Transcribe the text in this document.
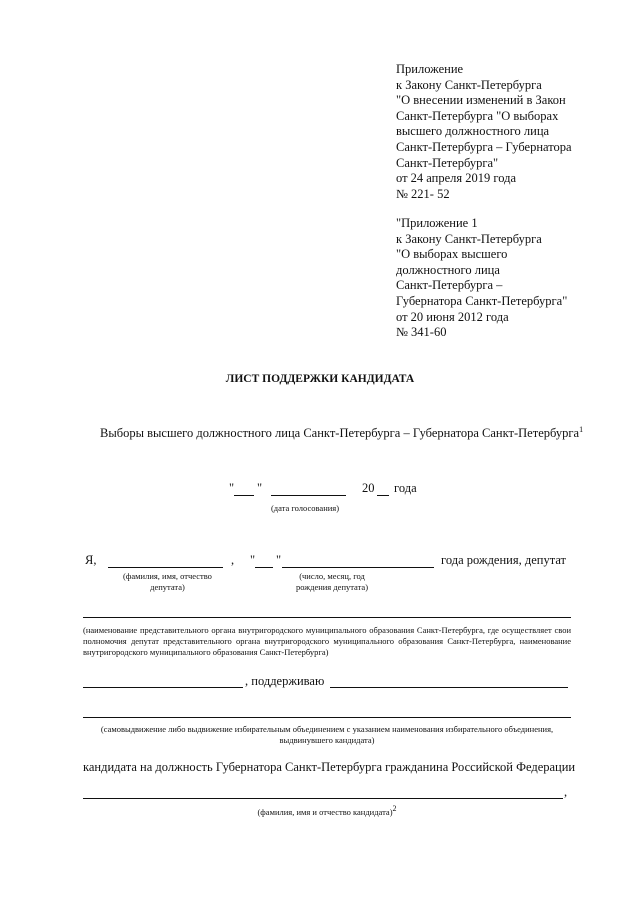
Приложение
к Закону Санкт-Петербурга
"О внесении изменений в Закон
Санкт-Петербурга "О выборах
высшего должностного лица
Санкт-Петербурга – Губернатора
Санкт-Петербурга"
от 24 апреля 2019 года
№ 221- 52
"Приложение 1
к Закону Санкт-Петербурга
"О выборах высшего
должностного лица
Санкт-Петербурга –
Губернатора Санкт-Петербурга"
от 20 июня 2012 года
№ 341-60
ЛИСТ ПОДДЕРЖКИ КАНДИДАТА
Выборы высшего должностного лица Санкт-Петербурга – Губернатора Санкт-Петербурга$^1$
" "	20 года
(дата голосования)
Я,	, " "	года рождения, депутат
(фамилия, имя, отчество депутата)
(число, месяц, год рождения депутата)
(наименование представительного органа внутригородского муниципального образования Санкт-Петербурга, где осуществляет свои полномочия депутат представительного органа внутригородского муниципального образования Санкт-Петербурга, наименование внутригородского муниципального образования Санкт-Петербурга)
, поддерживаю
(самовыдвижение либо выдвижение избирательным объединением с указанием наименования избирательного объединения, выдвинувшего кандидата)
кандидата на должность Губернатора Санкт-Петербурга гражданина Российской Федерации
,
(фамилия, имя и отчество кандидата)$^2$
